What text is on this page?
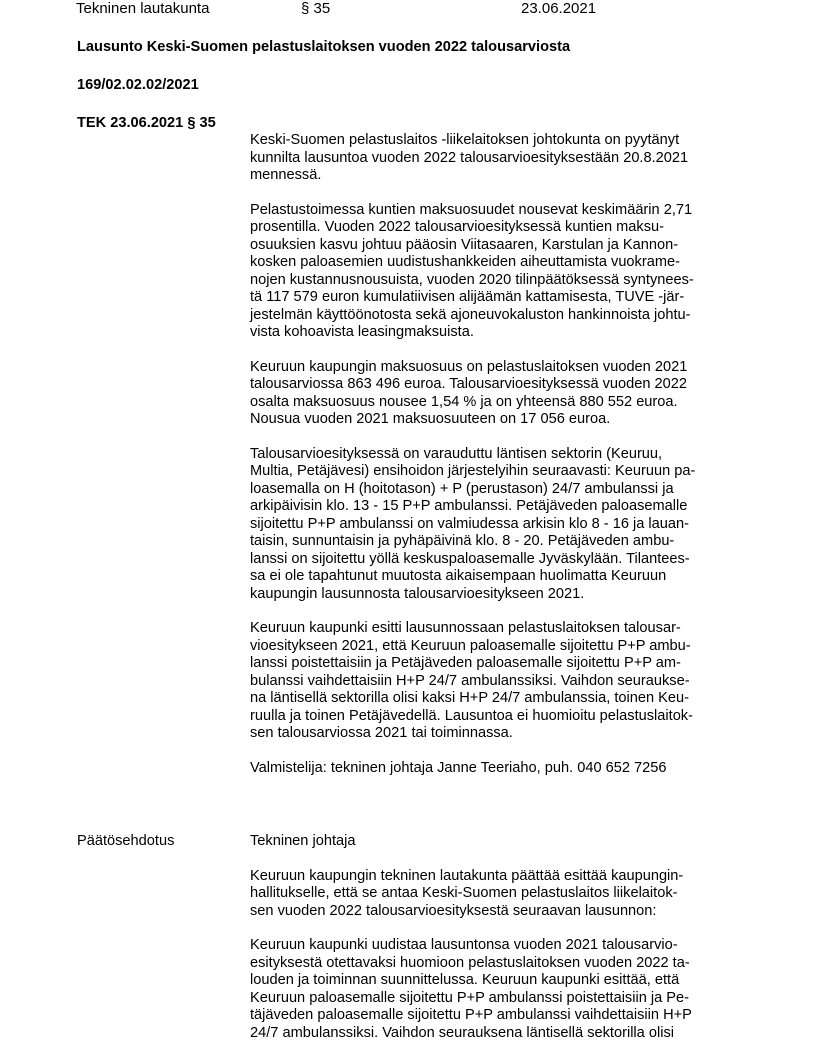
Tekninen lautakunta	§ 35	23.06.2021
Lausunto Keski-Suomen pelastuslaitoksen vuoden 2022 talousarviosta
169/02.02.02/2021
TEK 23.06.2021 § 35

Keski-Suomen pelastuslaitos -liikelaitoksen johtokunta on pyytänyt
kunnilta lausuntoa vuoden 2022 talousarvioesityksestään 20.8.2021
mennessä.

Pelastustoimessa kuntien maksuosuudet nousevat keskimäärin 2,71
prosentilla. Vuoden 2022 talousarvioesityksessä kuntien maksu-
osuuksien kasvu johtuu pääosin Viitasaaren, Karstulan ja Kannon-
kosken paloasemien uudistushankkeiden aiheuttamista vuokrame-
nojen kustannusnousuista, vuoden 2020 tilinpäätöksessä syntynees-
tä 117 579 euron kumulatiivisen alijäämän kattamisesta, TUVE -jär-
jestelmän käyttöönotosta sekä ajoneuvokaluston hankinnoista johtu-
vista kohoavista leasingmaksuista.

Keuruun kaupungin maksuosuus on pelastuslaitoksen vuoden 2021
talousarviossa 863 496 euroa. Talousarvioesityksessä vuoden 2022
osalta maksuosuus nousee 1,54 % ja on yhteensä 880 552 euroa.
Nousua vuoden 2021 maksuosuuteen on 17 056 euroa.

Talousarvioesityksessä on varauduttu läntisen sektorin (Keuruu,
Multia, Petäjävesi) ensihoidon järjestelyihin seuraavasti: Keuruun pa-
loasemalla on H (hoitotason) + P (perustason) 24/7 ambulanssi ja
arkipäivisin klo. 13 - 15 P+P ambulanssi. Petäjäveden paloasemalle
sijoitettu P+P ambulanssi on valmiudessa arkisin klo 8 - 16 ja lauan-
taisin, sunnuntaisin ja pyhäpäivinä klo. 8 - 20. Petäjäveden ambu-
lanssi on sijoitettu yöllä keskuspaloasemalle Jyväskylään. Tilantees-
sa ei ole tapahtunut muutosta aikaisempaan huolimatta Keuruun
kaupungin lausunnosta talousarvioesitykseen 2021.

Keuruun kaupunki esitti lausunnossaan pelastuslaitoksen talousar-
vioesitykseen 2021, että Keuruun paloasemalle sijoitettu P+P ambu-
lanssi poistettaisiin ja Petäjäveden paloasemalle sijoitettu P+P am-
bulanssi vaihdettaisiin H+P 24/7 ambulanssiksi. Vaihdon seuraukse-
na läntisellä sektorilla olisi kaksi H+P 24/7 ambulanssia, toinen Keu-
ruulla ja toinen Petäjävedellä. Lausuntoa ei huomioitu pelastuslaitok-
sen talousarviossa 2021 tai toiminnassa.

Valmistelija: tekninen johtaja Janne Teeriaho, puh. 040 652 7256

Päätösehdotus	Tekninen johtaja

Keuruun kaupungin tekninen lautakunta päättää esittää kaupungin-
hallitukselle, että se antaa Keski-Suomen pelastuslaitos liikelaitok-
sen vuoden 2022 talousarvioesityksestä seuraavan lausunnon:

Keuruun kaupunki uudistaa lausuntonsa vuoden 2021 talousarvio-
esityksestä otettavaksi huomioon pelastuslaitoksen vuoden 2022 ta-
louden ja toiminnan suunnittelussa. Keuruun kaupunki esittää, että
Keuruun paloasemalle sijoitettu P+P ambulanssi poistettaisiin ja Pe-
täjäveden paloasemalle sijoitettu P+P ambulanssi vaihdettaisiin H+P
24/7 ambulanssiksi. Vaihdon seurauksena läntisellä sektorilla olisi
